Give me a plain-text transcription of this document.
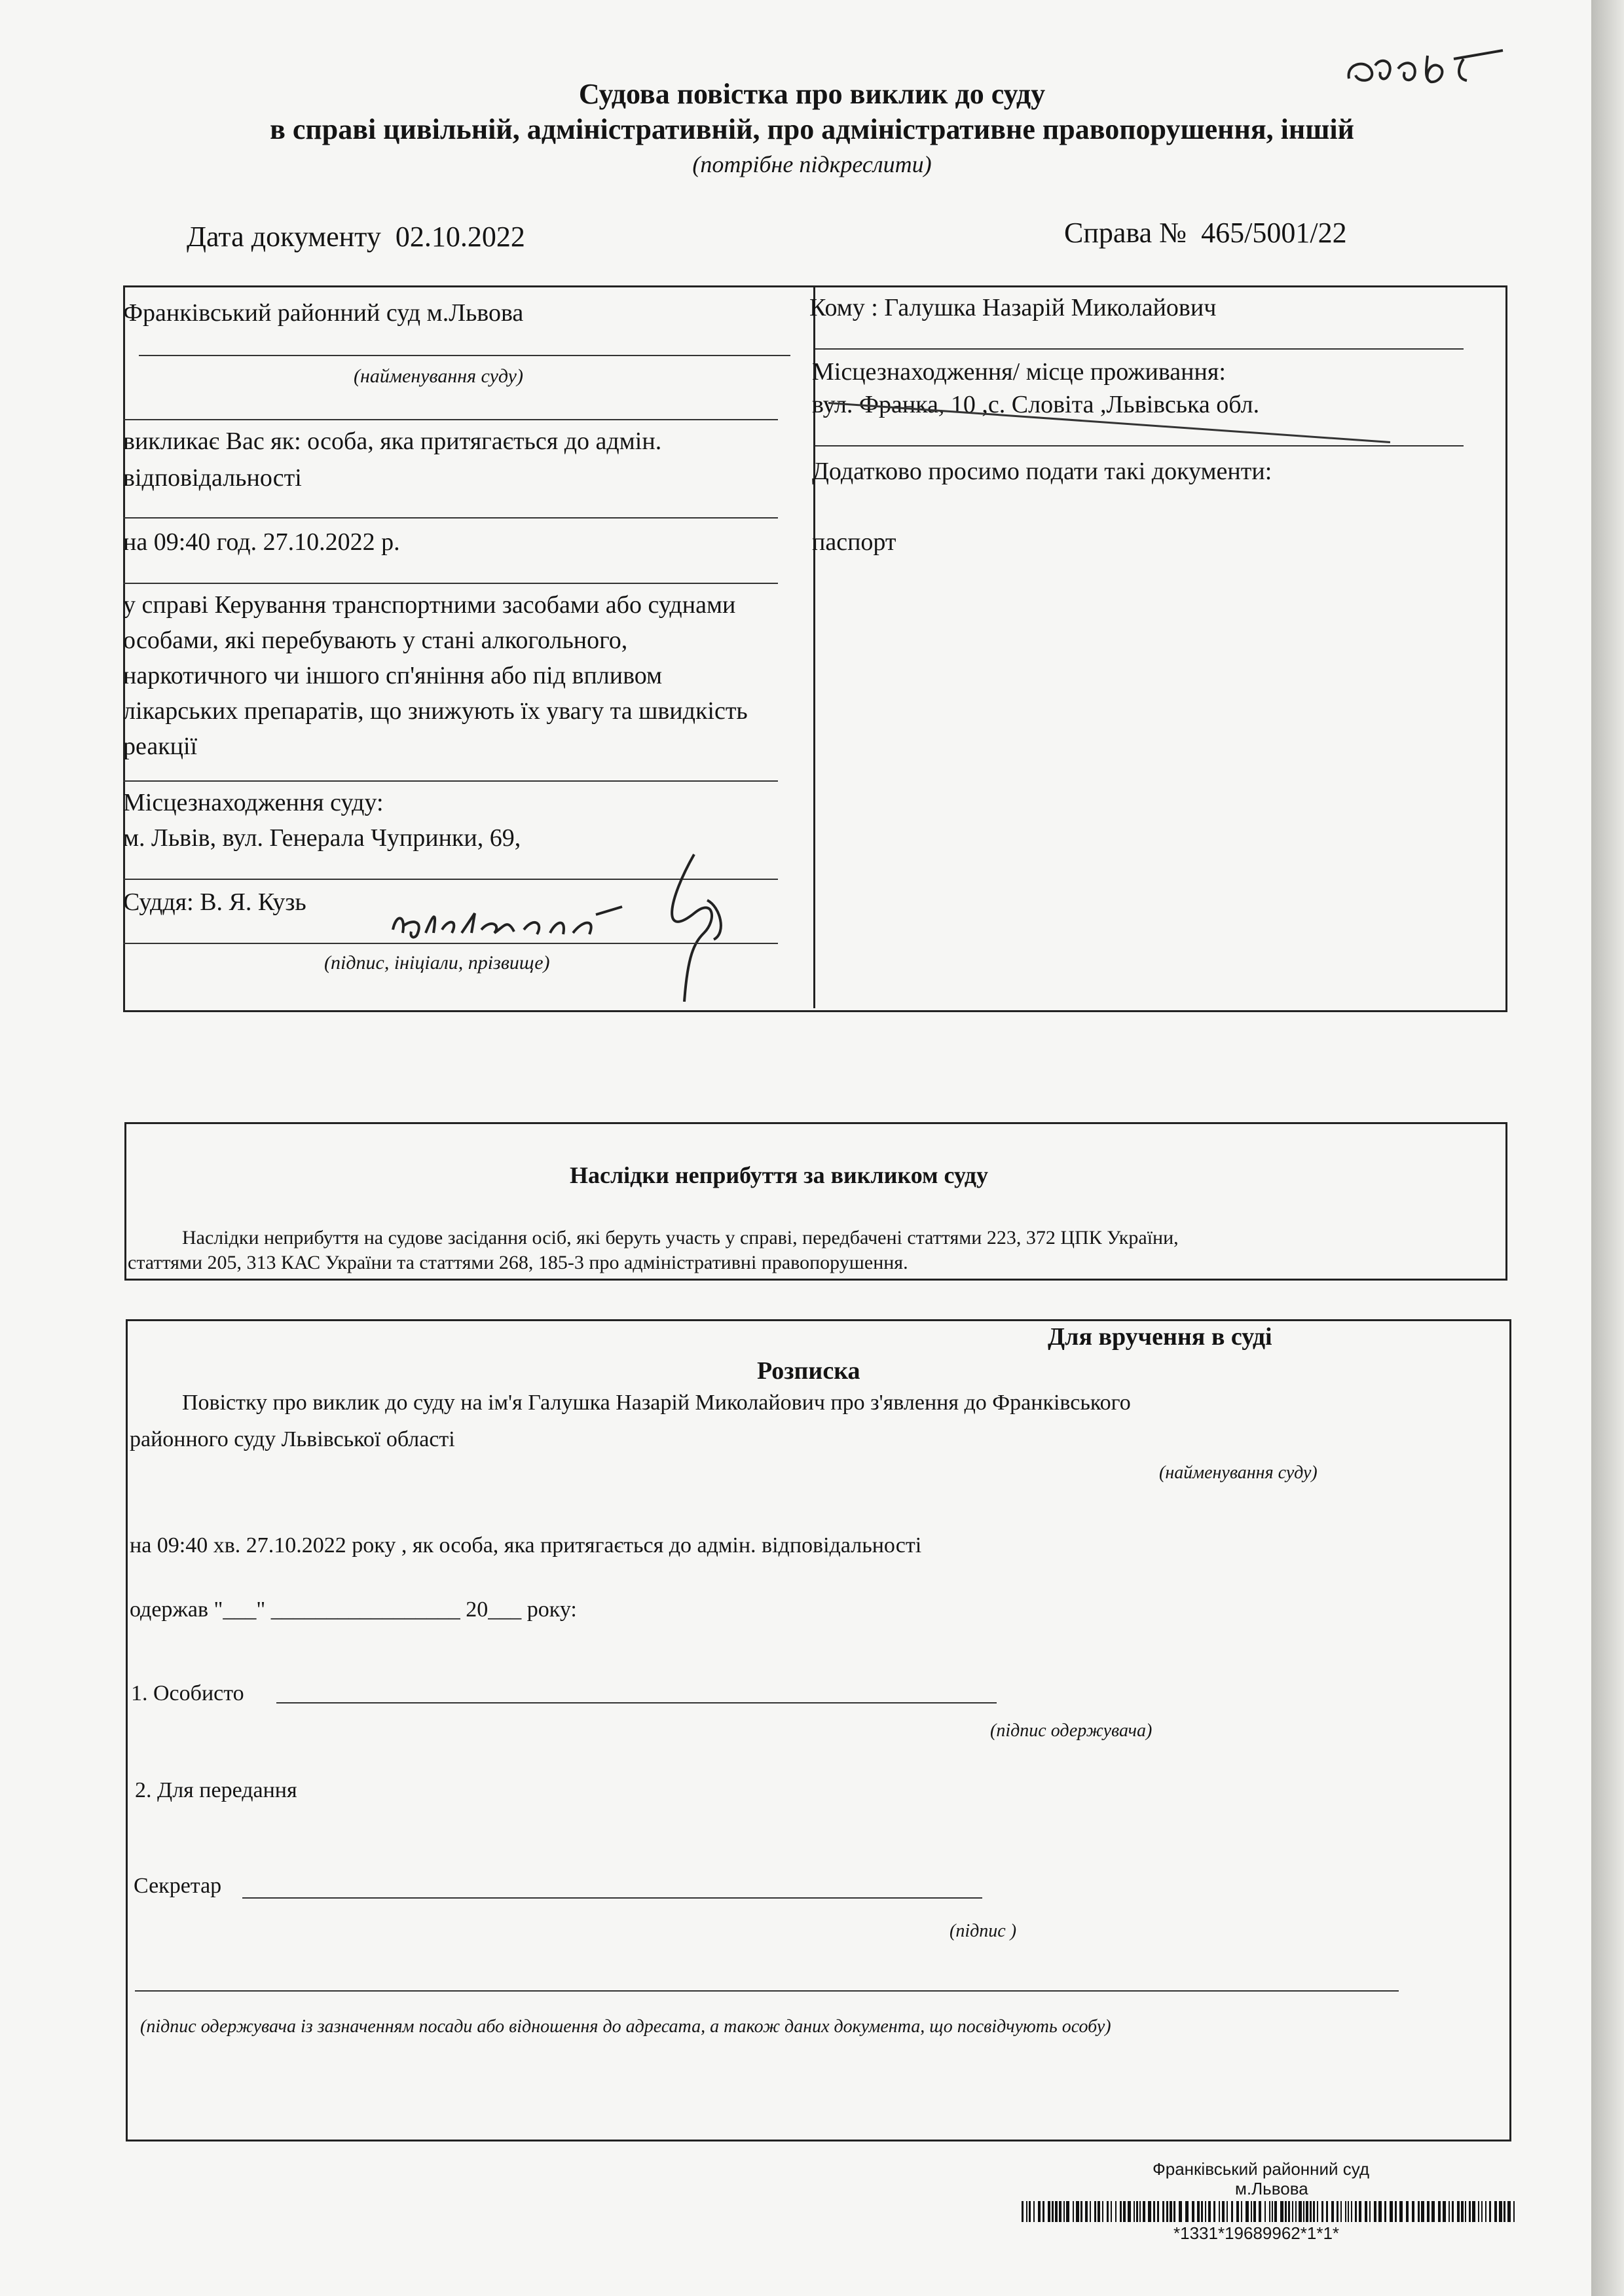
Судова повістка про виклик до суду
в справі цивільній, адміністративній, про адміністративне правопорушення, іншій
(потрібне підкреслити)
Дата документу 02.10.2022	Справа № 465/5001/22
Франківський районний суд м.Львова
(найменування суду)
викликає Вас як: особа, яка притягається до адмін.
відповідальності
на 09:40 год. 27.10.2022 р.
у справі Керування транспортними засобами або суднами
особами, які перебувають у стані алкогольного,
наркотичного чи іншого сп'яніння або під впливом
лікарських препаратів, що знижують їх увагу та швидкість
реакції
Місцезнаходження суду:
м. Львів, вул. Генерала Чупринки, 69,
Суддя: В. Я. Кузь
(підпис, ініціали, прізвище)
Кому : Галушка Назарій Миколайович
Місцезнаходження/ місце проживання:
вул. Франка, 10 ,с. Словіта ,Львівська обл.
Додатково просимо подати такі документи:
паспорт
Наслідки неприбуття за викликом суду
Наслідки неприбуття на судове засідання осіб, які беруть участь у справі, передбачені статтями 223, 372 ЦПК України,
статтями 205, 313 КАС України та статтями 268, 185-3 про адміністративні правопорушення.
Для вручення в суді
Розписка
Повістку про виклик до суду на ім'я Галушка Назарій Миколайович про з'явлення до Франківського
районного суду Львівської області
(найменування суду)
на 09:40 хв. 27.10.2022 року , як особа, яка притягається до адмін. відповідальності
одержав "___" _________________ 20___ року:
1. Особисто
(підпис одержувача)
2. Для передання
Секретар
(підпис )
(підпис одержувача із зазначенням посади або відношення до адресата, а також даних документа, що посвідчують особу)
Франківський районний суд
м.Львова
*1331*19689962*1*1*
